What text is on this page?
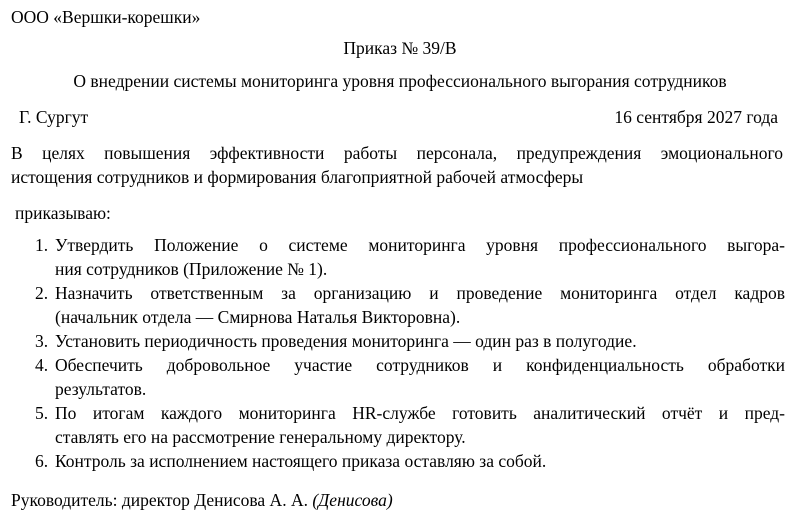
ООО «Вершки-корешки»
Приказ № 39/В
О внедрении системы мониторинга уровня профессионального выгорания сотрудников
Г. Сургут	16 сентября 2027 года
В целях повышения эффективности работы персонала, предупреждения эмоционального
истощения сотрудников и формирования благоприятной рабочей атмосферы
приказываю:
1. Утвердить Положение о системе мониторинга уровня профессионального выгора-
ния сотрудников (Приложение № 1).
2. Назначить ответственным за организацию и проведение мониторинга отдел кадров
(начальник отдела — Смирнова Наталья Викторовна).
3. Установить периодичность проведения мониторинга — один раз в полугодие.
4. Обеспечить добровольное участие сотрудников и конфиденциальность обработки
результатов.
5. По итогам каждого мониторинга HR-службе готовить аналитический отчёт и пред-
ставлять его на рассмотрение генеральному директору.
6. Контроль за исполнением настоящего приказа оставляю за собой.
Руководитель: директор Денисова А. А. (Денисова)
